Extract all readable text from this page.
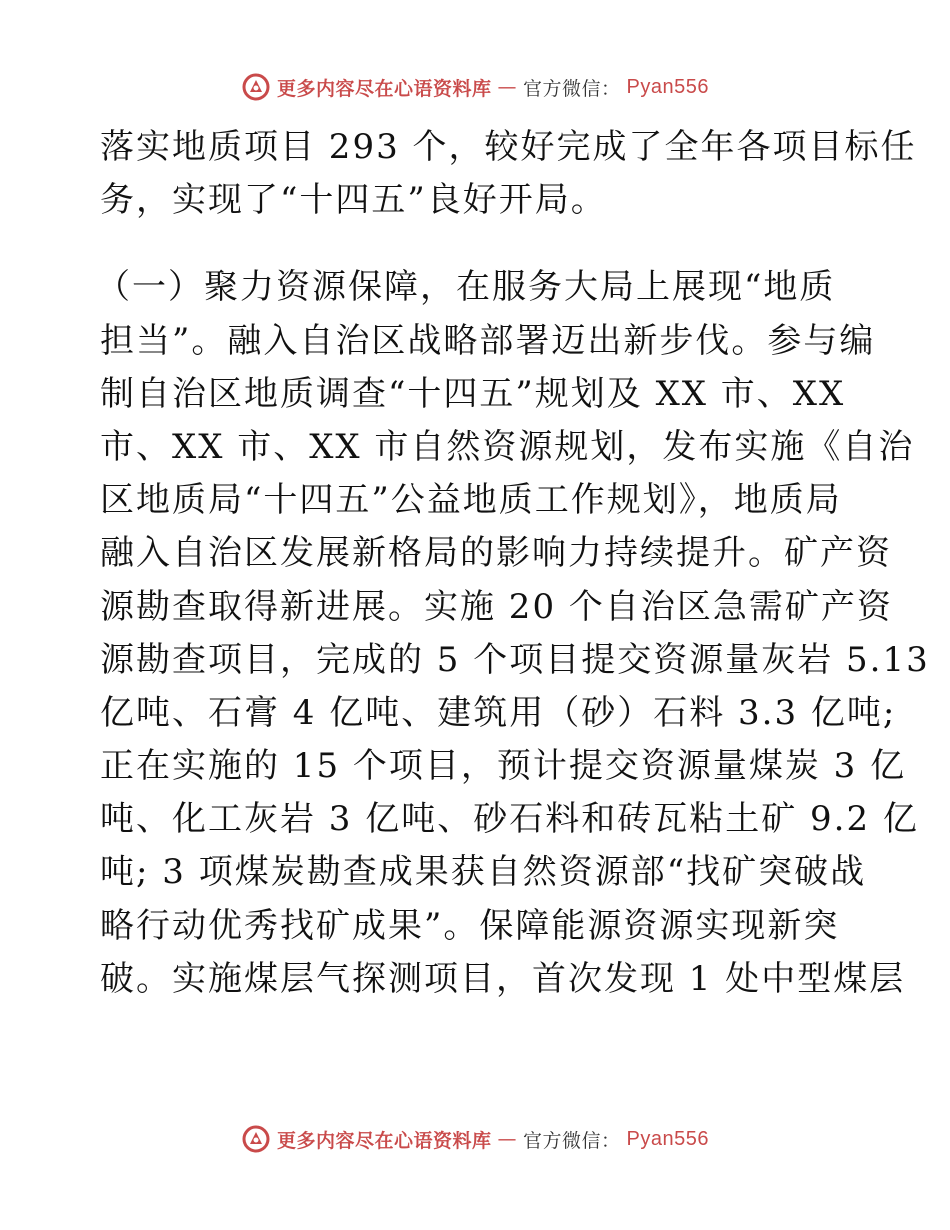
更多内容尽在心语资料库 — 官方微信： Pyan556
落实地质项目 293 个，较好完成了全年各项目标任
务，实现了“十四五”良好开局。
（一）聚力资源保障，在服务大局上展现“地质
担当”。融入自治区战略部署迈出新步伐。参与编
制自治区地质调查“十四五”规划及 XX 市、XX
市、XX 市、XX 市自然资源规划，发布实施《自治
区地质局“十四五”公益地质工作规划》，地质局
融入自治区发展新格局的影响力持续提升。矿产资
源勘查取得新进展。实施 20 个自治区急需矿产资
源勘查项目，完成的 5 个项目提交资源量灰岩 5.13
亿吨、石膏 4 亿吨、建筑用（砂）石料 3.3 亿吨;
正在实施的 15 个项目，预计提交资源量煤炭 3 亿
吨、化工灰岩 3 亿吨、砂石料和砖瓦粘土矿 9.2 亿
吨; 3 项煤炭勘查成果获自然资源部“找矿突破战
略行动优秀找矿成果”。保障能源资源实现新突
破。实施煤层气探测项目，首次发现 1 处中型煤层
更多内容尽在心语资料库 — 官方微信： Pyan556
